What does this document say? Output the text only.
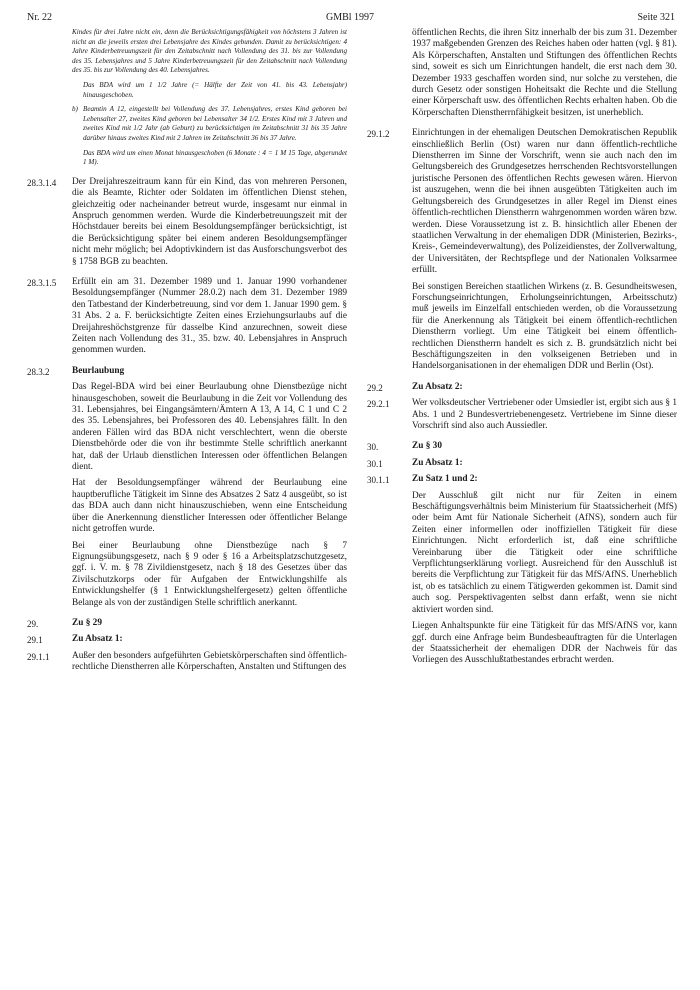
Nr. 22	GMBl 1997	Seite 321
Kindes für drei Jahre nicht ein, denn die Berücksichtigungsfähigkeit von höchstens 3 Jahren ist nicht an die jeweils ersten drei Lebensjahre des Kindes gebunden. Damit zu berücksichtigen: 4 Jahre Kinderbetreuungszeit für den Zeitabschnitt nach Vollendung des 31. bis zur Vollendung des 35. Lebensjahres und 5 Jahre Kinderbetreuungszeit für den Zeitabschnitt nach Vollendung des 35. bis zur Vollendung des 40. Lebensjahres.
Das BDA wird um 1 1/2 Jahre (= Hälfte der Zeit von 41. bis 43. Lebensjahr) hinausgeschoben.
b) Beamtin A 12, eingestellt bei Vollendung des 37. Lebensjahres, erstes Kind geboren bei Lebensalter 27, zweites Kind geboren bei Lebensalter 34 1/2. Erstes Kind mit 3 Jahren und zweites Kind mit 1/2 Jahr (ab Geburt) zu berücksichtigen im Zeitabschnitt 31 bis 35 Jahre darüber hinaus zweites Kind mit 2 Jahren im Zeitabschnitt 36 bis 37 Jahre.
Das BDA wird um einen Monat hinausgeschoben (6 Monate : 4 = 1 M 15 Tage, abgerundet 1 M).
28.3.1.4	Der Dreijahreszeitraum kann für ein Kind, das von mehreren Personen, die als Beamte, Richter oder Soldaten im öffentlichen Dienst stehen, gleichzeitig oder nacheinander betreut wurde, insgesamt nur einmal in Anspruch genommen werden. Wurde die Kinderbetreuungszeit mit der Höchstdauer bereits bei einem Besoldungsempfänger berücksichtigt, ist die Berücksichtigung später bei einem anderen Besoldungsempfänger nicht mehr möglich; bei Adoptivkindern ist das Ausforschungsverbot des § 1758 BGB zu beachten.

28.3.1.5	Erfüllt ein am 31. Dezember 1989 und 1. Januar 1990 vorhandener Besoldungsempfänger (Nummer 28.0.2) nach dem 31. Dezember 1989 den Tatbestand der Kinderbetreuung, sind vor dem 1. Januar 1990 gem. § 31 Abs. 2 a. F. berücksichtigte Zeiten eines Erziehungsurlaubs auf die Dreijahreshöchstgrenze für dasselbe Kind anzurechnen, soweit diese Zeiten nach Vollendung des 31., 35. bzw. 40. Lebensjahres in Anspruch genommen wurden.

28.3.2	Beurlaubung

Das Regel-BDA wird bei einer Beurlaubung ohne Dienstbezüge nicht hinausgeschoben, soweit die Beurlaubung in die Zeit vor Vollendung des 31. Lebensjahres, bei Eingangsämtern/Ämtern A 13, A 14, C 1 und C 2 des 35. Lebensjahres, bei Professoren des 40. Lebensjahres fällt. In den anderen Fällen wird das BDA nicht verschlechtert, wenn die oberste Dienstbehörde oder die von ihr bestimmte Stelle schriftlich anerkannt hat, daß der Urlaub dienstlichen Interessen oder öffentlichen Belangen dient.

Hat der Besoldungsempfänger während der Beurlaubung eine hauptberufliche Tätigkeit im Sinne des Absatzes 2 Satz 4 ausgeübt, so ist das BDA auch dann nicht hinauszuschieben, wenn eine Entscheidung über die Anerkennung dienstlicher Interessen oder öffentlicher Belange nicht getroffen wurde.

Bei einer Beurlaubung ohne Dienstbezüge nach § 7 Eignungsübungsgesetz, nach § 9 oder § 16 a Arbeitsplatzschutzgesetz, ggf. i. V. m. § 78 Zivildienstgesetz, nach § 18 des Gesetzes über das Zivilschutzkorps oder für Aufgaben der Entwicklungshilfe als Entwicklungshelfer (§ 1 Entwicklungshelfergesetz) gelten öffentliche Belange als von der zuständigen Stelle schriftlich anerkannt.

29.	Zu § 29
29.1	Zu Absatz 1:
29.1.1	Außer den besonders aufgeführten Gebietskörperschaften sind öffentlich-rechtliche Dienstherren alle Körperschaften, Anstalten und Stiftungen des

öffentlichen Rechts, die ihren Sitz innerhalb der bis zum 31. Dezember 1937 maßgebenden Grenzen des Reiches haben oder hatten (vgl. § 81). Als Körperschaften, Anstalten und Stiftungen des öffentlichen Rechts sind, soweit es sich um Einrichtungen handelt, die erst nach dem 30. Dezember 1933 geschaffen worden sind, nur solche zu verstehen, die durch Gesetz oder sonstigen Hoheitsakt die Rechte und die Stellung einer Körperschaft usw. des öffentlichen Rechts erhalten haben. Ob die Körperschaften Dienstherrnfähigkeit besitzen, ist unerheblich.

29.1.2	Einrichtungen in der ehemaligen Deutschen Demokratischen Republik einschließlich Berlin (Ost) waren nur dann öffentlich-rechtliche Dienstherren im Sinne der Vorschrift, wenn sie auch nach den im Geltungsbereich des Grundgesetzes herrschenden Rechtsvorstellungen juristische Personen des öffentlichen Rechts gewesen wären. Hiervon ist auszugehen, wenn die bei ihnen ausgeübten Tätigkeiten auch im Geltungsbereich des Grundgesetzes in aller Regel im Dienst eines öffentlich-rechtlichen Dienstherrn wahrgenommen worden wären bzw. werden. Diese Voraussetzung ist z. B. hinsichtlich aller Ebenen der staatlichen Verwaltung in der ehemaligen DDR (Ministerien, Bezirks-, Kreis-, Gemeindeverwaltung), des Polizeidienstes, der Zollverwaltung, der Universitäten, der Rechtspflege und der Nationalen Volksarmee erfüllt.

Bei sonstigen Bereichen staatlichen Wirkens (z. B. Gesundheitswesen, Forschungseinrichtungen, Erholungseinrichtungen, Arbeitsschutz) muß jeweils im Einzelfall entschieden werden, ob die Voraussetzung für die Anerkennung als Tätigkeit bei einem öffentlich-rechtlichen Dienstherrn vorliegt. Um eine Tätigkeit bei einem öffentlich-rechtlichen Dienstherrn handelt es sich z. B. grundsätzlich nicht bei Beschäftigungszeiten in den volkseigenen Betrieben und in Handelsorganisationen in der ehemaligen DDR und Berlin (Ost).

29.2	Zu Absatz 2:
29.2.1	Wer volksdeutscher Vertriebener oder Umsiedler ist, ergibt sich aus § 1 Abs. 1 und 2 Bundesvertriebenengesetz. Vertriebene im Sinne dieser Vorschrift sind also auch Aussiedler.

30.	Zu § 30
30.1	Zu Absatz 1:
30.1.1	Zu Satz 1 und 2:

Der Ausschluß gilt nicht nur für Zeiten in einem Beschäftigungsverhältnis beim Ministerium für Staatssicherheit (MfS) oder beim Amt für Nationale Sicherheit (AfNS), sondern auch für Zeiten einer informellen oder inoffiziellen Tätigkeit für diese Einrichtungen. Nicht erforderlich ist, daß eine schriftliche Vereinbarung über die Tätigkeit oder eine schriftliche Verpflichtungserklärung vorliegt. Ausreichend für den Ausschluß ist bereits die Verpflichtung zur Tätigkeit für das MfS/AfNS. Unerheblich ist, ob es tatsächlich zu einem Tätigwerden gekommen ist. Damit sind auch sog. Perspektivagenten selbst dann erfaßt, wenn sie nicht aktiviert worden sind.

Liegen Anhaltspunkte für eine Tätigkeit für das MfS/AfNS vor, kann ggf. durch eine Anfrage beim Bundesbeauftragten für die Unterlagen der Staatssicherheit der ehemaligen DDR der Nachweis für das Vorliegen des Ausschlußtatbestandes erbracht werden.
